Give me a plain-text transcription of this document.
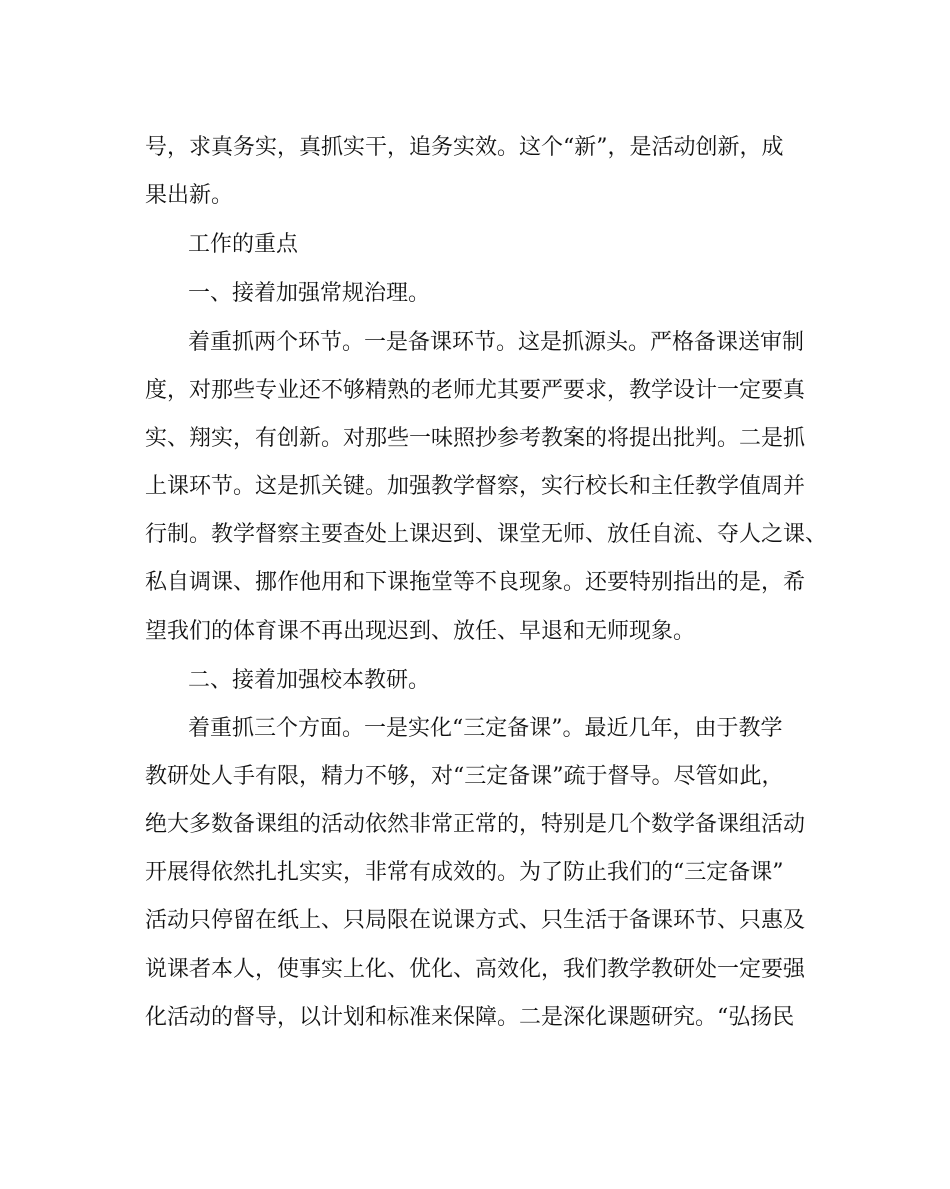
号，求真务实，真抓实干，追务实效。这个“新”，是活动创新，成
果出新。
工作的重点
一、接着加强常规治理。
着重抓两个环节。一是备课环节。这是抓源头。严格备课送审制
度，对那些专业还不够精熟的老师尤其要严要求，教学设计一定要真
实、翔实，有创新。对那些一味照抄参考教案的将提出批判。二是抓
上课环节。这是抓关键。加强教学督察，实行校长和主任教学值周并
行制。教学督察主要查处上课迟到、课堂无师、放任自流、夺人之课、
私自调课、挪作他用和下课拖堂等不良现象。还要特别指出的是，希
望我们的体育课不再出现迟到、放任、早退和无师现象。
二、接着加强校本教研。
着重抓三个方面。一是实化“三定备课”。最近几年，由于教学
教研处人手有限，精力不够，对“三定备课”疏于督导。尽管如此，
绝大多数备课组的活动依然非常正常的，特别是几个数学备课组活动
开展得依然扎扎实实，非常有成效的。为了防止我们的“三定备课”
活动只停留在纸上、只局限在说课方式、只生活于备课环节、只惠及
说课者本人，使事实上化、优化、高效化，我们教学教研处一定要强
化活动的督导，以计划和标准来保障。二是深化课题研究。“弘扬民
